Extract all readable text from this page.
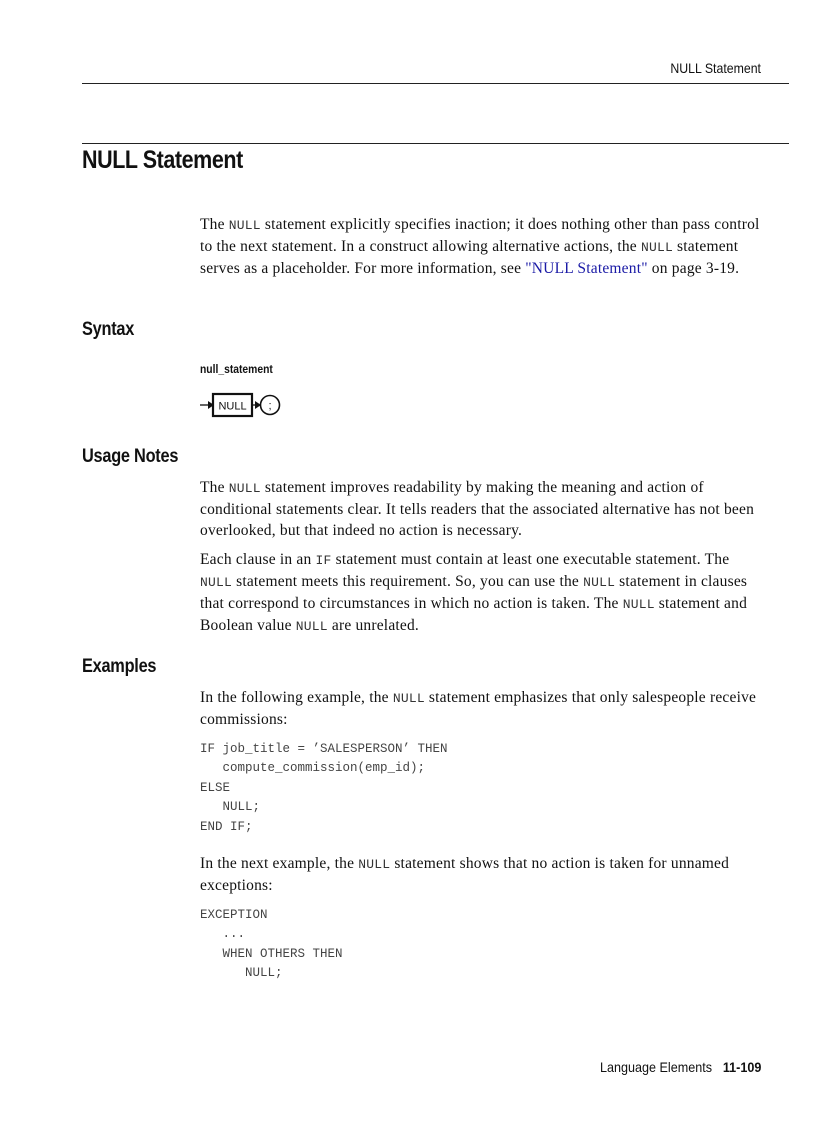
NULL Statement
NULL Statement

The NULL statement explicitly specifies inaction; it does nothing other than pass control to the next statement. In a construct allowing alternative actions, the NULL statement serves as a placeholder. For more information, see "NULL Statement" on page 3-19.

Syntax
null_statement
NULL ;
Usage Notes

The NULL statement improves readability by making the meaning and action of conditional statements clear. It tells readers that the associated alternative has not been overlooked, but that indeed no action is necessary.

Each clause in an IF statement must contain at least one executable statement. The NULL statement meets this requirement. So, you can use the NULL statement in clauses that correspond to circumstances in which no action is taken. The NULL statement and Boolean value NULL are unrelated.

Examples

In the following example, the NULL statement emphasizes that only salespeople receive commissions:

IF job_title = ’SALESPERSON’ THEN
compute_commission(emp_id);
ELSE
NULL;
END IF;

In the next example, the NULL statement shows that no action is taken for unnamed exceptions:

EXCEPTION
...
WHEN OTHERS THEN
NULL;
Language Elements 11-109
